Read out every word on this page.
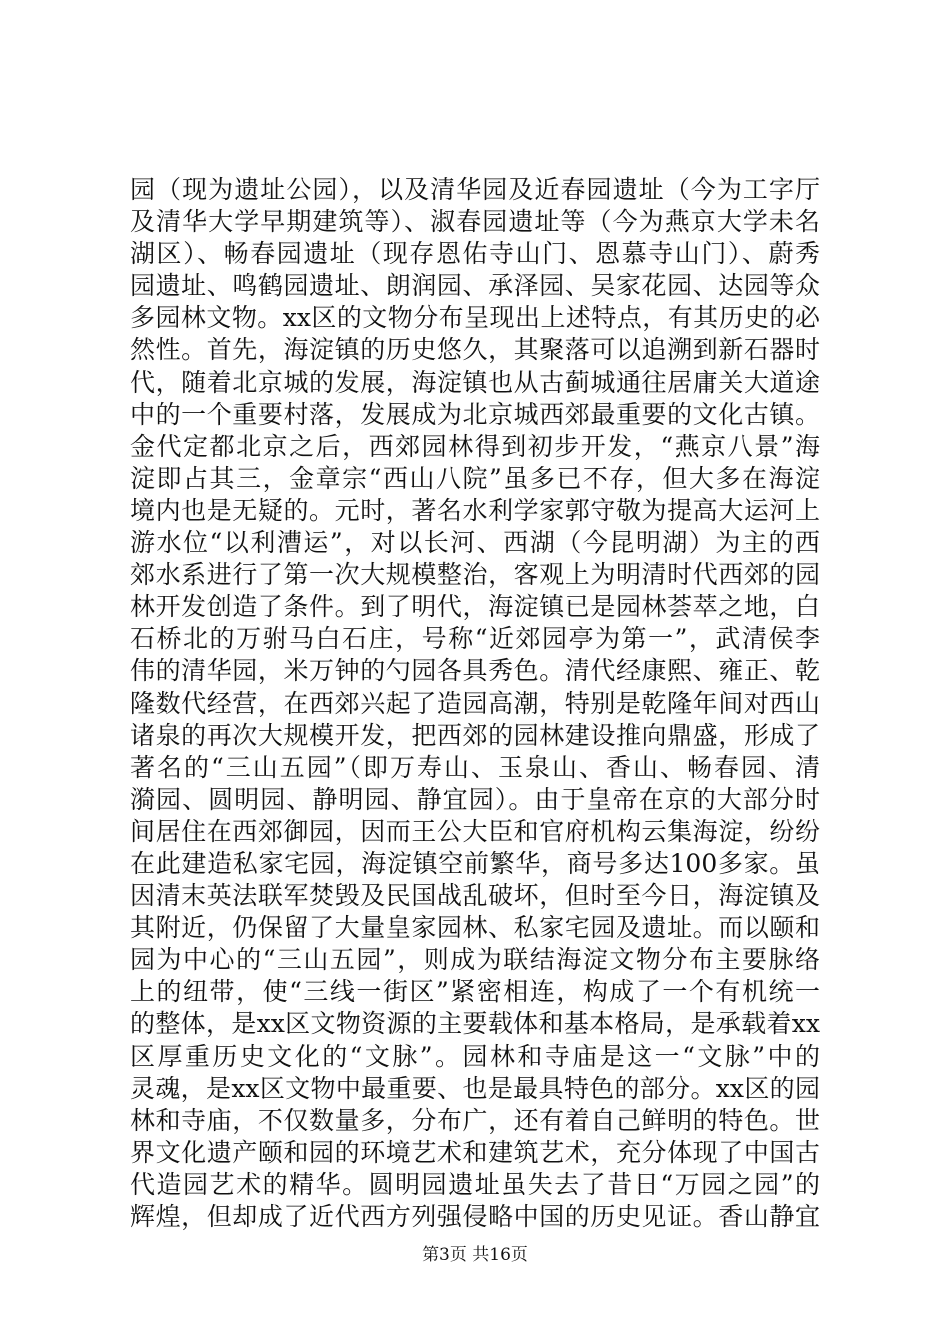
园（现为遗址公园），以及清华园及近春园遗址（今为工字厅
及清华大学早期建筑等）、淑春园遗址等（今为燕京大学未名
湖区）、畅春园遗址（现存恩佑寺山门、恩慕寺山门）、蔚秀
园遗址、鸣鹤园遗址、朗润园、承泽园、吴家花园、达园等众
多园林文物。xx区的文物分布呈现出上述特点，有其历史的必
然性。首先，海淀镇的历史悠久，其聚落可以追溯到新石器时
代，随着北京城的发展，海淀镇也从古蓟城通往居庸关大道途
中的一个重要村落，发展成为北京城西郊最重要的文化古镇。
金代定都北京之后，西郊园林得到初步开发，“燕京八景”海
淀即占其三，金章宗“西山八院”虽多已不存，但大多在海淀
境内也是无疑的。元时，著名水利学家郭守敬为提高大运河上
游水位“以利漕运”，对以长河、西湖（今昆明湖）为主的西
郊水系进行了第一次大规模整治，客观上为明清时代西郊的园
林开发创造了条件。到了明代，海淀镇已是园林荟萃之地，白
石桥北的万驸马白石庄，号称“近郊园亭为第一”，武清侯李
伟的清华园，米万钟的勺园各具秀色。清代经康熙、雍正、乾
隆数代经营，在西郊兴起了造园高潮，特别是乾隆年间对西山
诸泉的再次大规模开发，把西郊的园林建设推向鼎盛，形成了
著名的“三山五园”（即万寿山、玉泉山、香山、畅春园、清
漪园、圆明园、静明园、静宜园）。由于皇帝在京的大部分时
间居住在西郊御园，因而王公大臣和官府机构云集海淀，纷纷
在此建造私家宅园，海淀镇空前繁华，商号多达100多家。虽
因清末英法联军焚毁及民国战乱破坏，但时至今日，海淀镇及
其附近，仍保留了大量皇家园林、私家宅园及遗址。而以颐和
园为中心的“三山五园”，则成为联结海淀文物分布主要脉络
上的纽带，使“三线一街区”紧密相连，构成了一个有机统一
的整体，是xx区文物资源的主要载体和基本格局，是承载着xx
区厚重历史文化的“文脉”。园林和寺庙是这一“文脉”中的
灵魂，是xx区文物中最重要、也是最具特色的部分。xx区的园
林和寺庙，不仅数量多，分布广，还有着自己鲜明的特色。世
界文化遗产颐和园的环境艺术和建筑艺术，充分体现了中国古
代造园艺术的精华。圆明园遗址虽失去了昔日“万园之园”的
辉煌，但却成了近代西方列强侵略中国的历史见证。香山静宜
第3页 共16页
